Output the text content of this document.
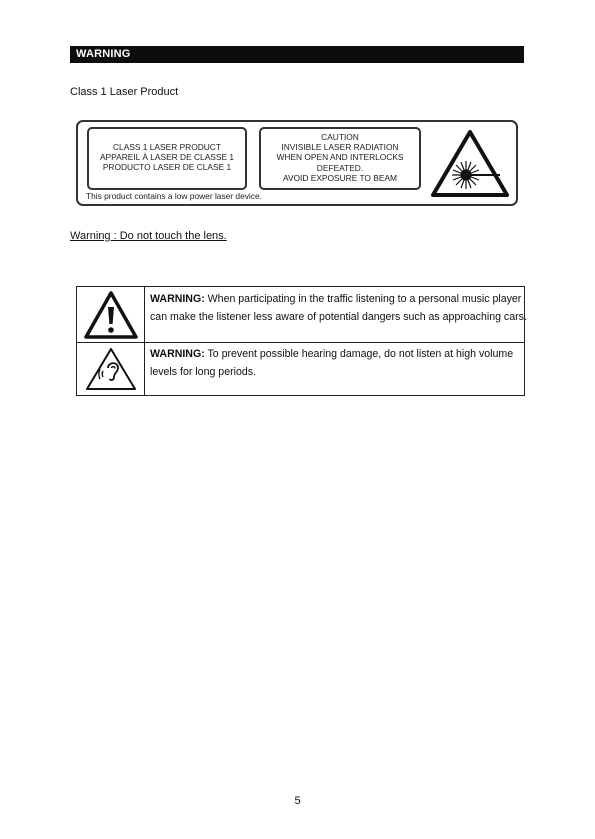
WARNING
Class 1 Laser Product
CLASS 1 LASER PRODUCT
APPAREIL À LASER DE CLASSE 1
PRODUCTO LASER DE CLASE 1
CAUTION
INVISIBLE LASER RADIATION
WHEN OPEN AND INTERLOCKS
DEFEATED.
AVOID EXPOSURE TO BEAM
This product contains a low power laser device.
Warning : Do not touch the lens.
WARNING: When participating in the traffic listening to a personal music player can make the listener less aware of potential dangers such as approaching cars.
WARNING: To prevent possible hearing damage, do not listen at high volume levels for long periods.
5
